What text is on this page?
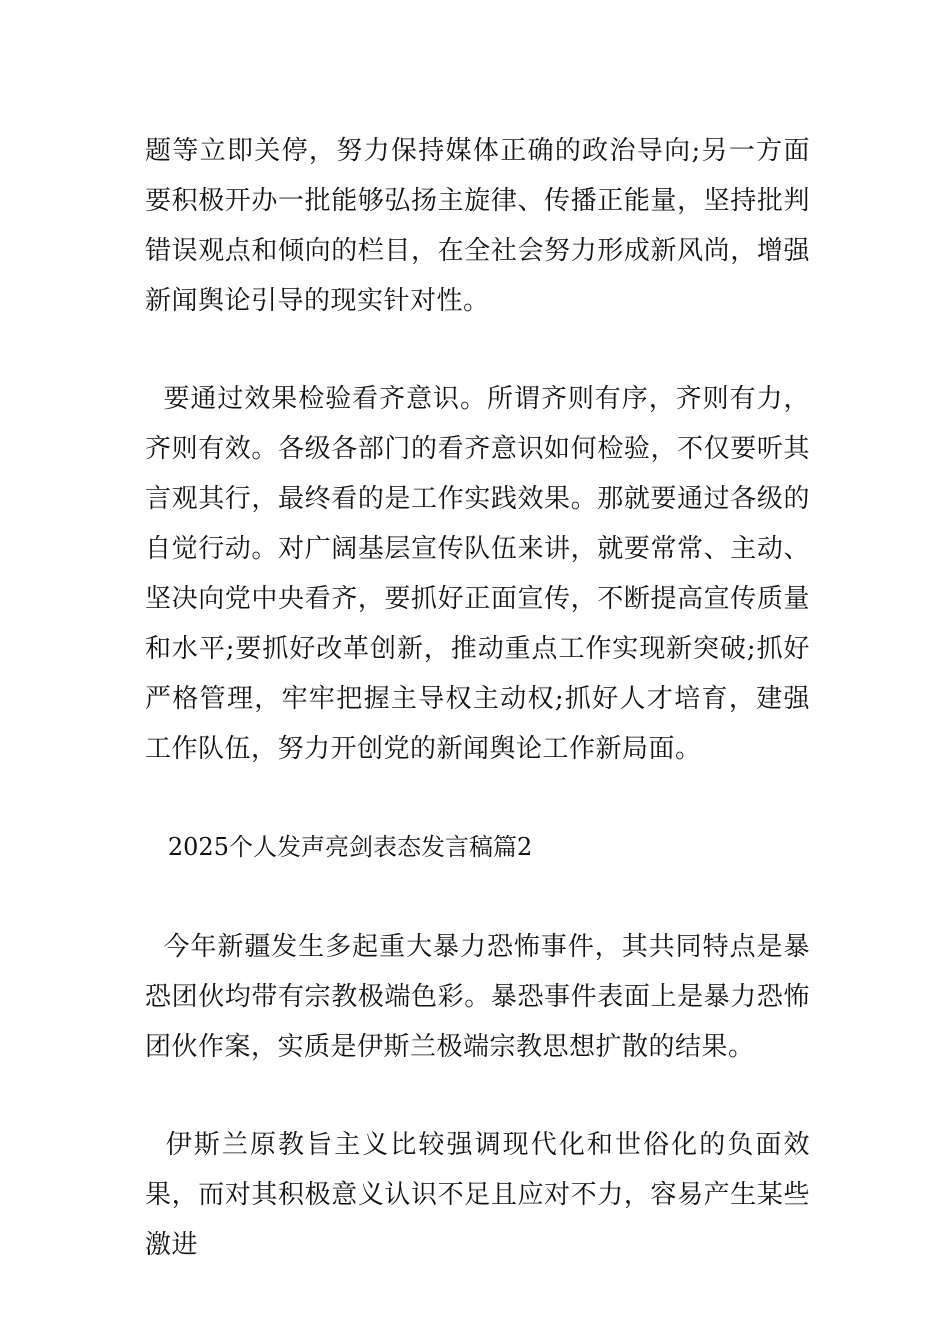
题等立即关停，努力保持媒体正确的政治导向;另一方面要积极开办一批能够弘扬主旋律、传播正能量，坚持批判错误观点和倾向的栏目，在全社会努力形成新风尚，增强新闻舆论引导的现实针对性。

要通过效果检验看齐意识。所谓齐则有序，齐则有力，齐则有效。各级各部门的看齐意识如何检验，不仅要听其言观其行，最终看的是工作实践效果。那就要通过各级的自觉行动。对广阔基层宣传队伍来讲，就要常常、主动、坚决向党中央看齐，要抓好正面宣传，不断提高宣传质量和水平;要抓好改革创新，推动重点工作实现新突破;抓好严格管理，牢牢把握主导权主动权;抓好人才培育，建强工作队伍，努力开创党的新闻舆论工作新局面。

2025个人发声亮剑表态发言稿篇2

今年新疆发生多起重大暴力恐怖事件，其共同特点是暴恐团伙均带有宗教极端色彩。暴恐事件表面上是暴力恐怖团伙作案，实质是伊斯兰极端宗教思想扩散的结果。

伊斯兰原教旨主义比较强调现代化和世俗化的负面效果，而对其积极意义认识不足且应对不力，容易产生某些激进
